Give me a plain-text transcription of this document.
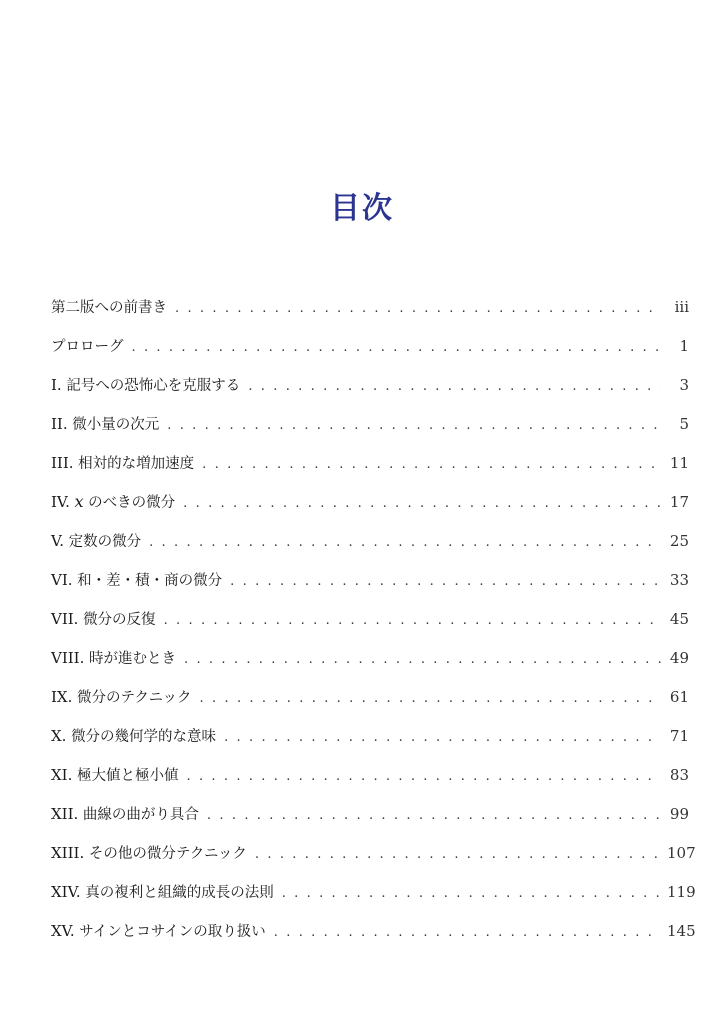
目次
第二版への前書き . . .	iii
プロローグ . . .	1
I. 記号への恐怖心を克服する . . .	3
II. 微小量の次元 . . .	5
III. 相対的な増加速度 . . .	11
IV. x のべきの微分 . . .	17
V. 定数の微分 . . .	25
VI. 和・差・積・商の微分 . . .	33
VII. 微分の反復 . . .	45
VIII. 時が進むとき . . .	49
IX. 微分のテクニック . . .	61
X. 微分の幾何学的な意味 . . .	71
XI. 極大値と極小値 . . .	83
XII. 曲線の曲がり具合 . . .	99
XIII. その他の微分テクニック . . .	107
XIV. 真の複利と組織的成長の法則 . . .	119
XV. サインとコサインの取り扱い . . .	145
